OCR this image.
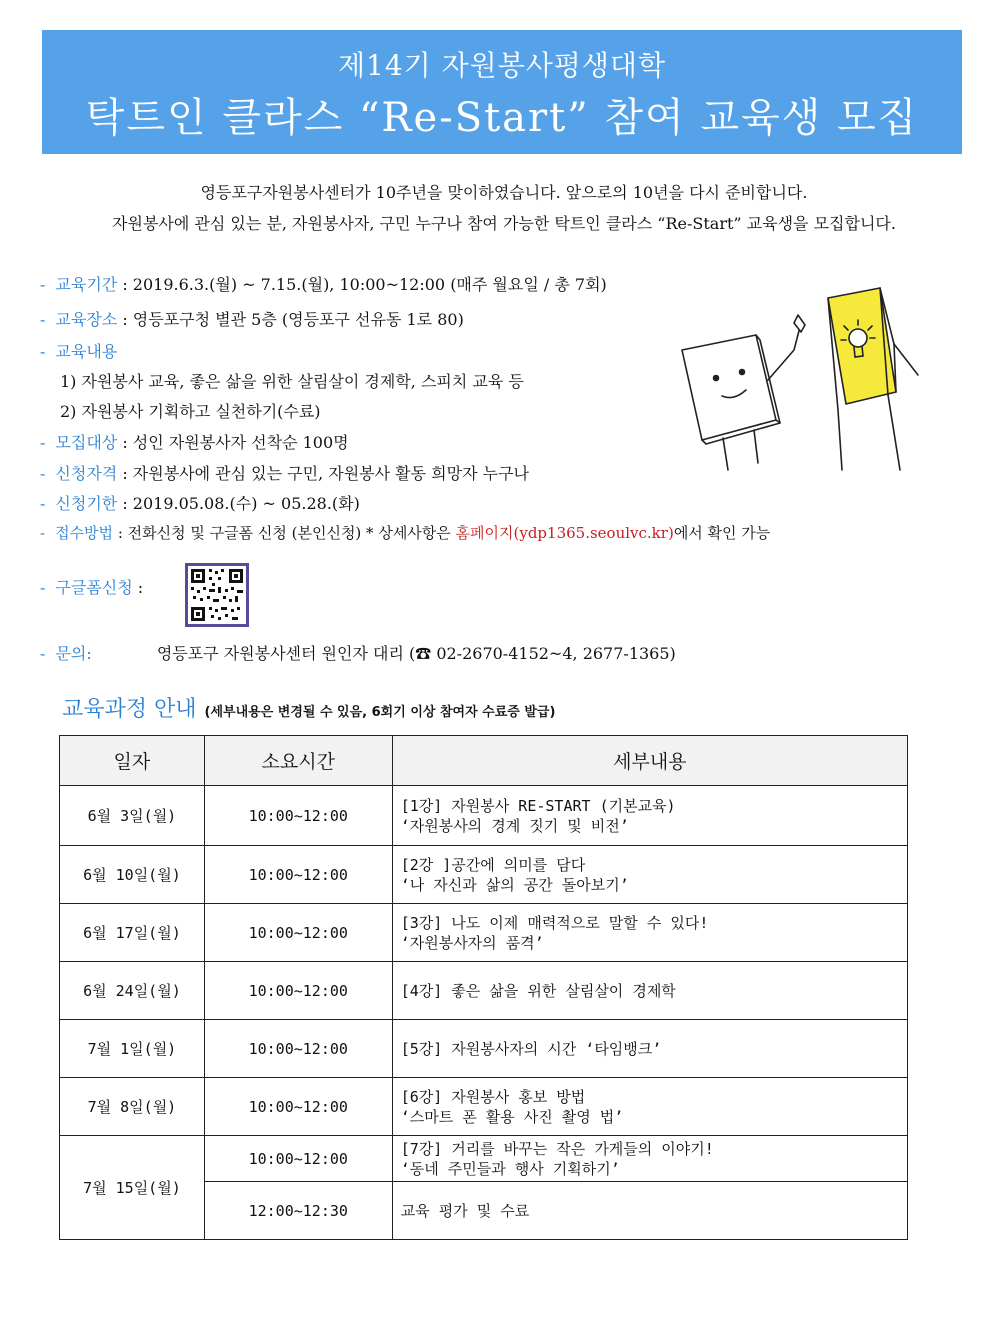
제14기 자원봉사평생대학
탁트인 클라스 “Re-Start” 참여 교육생 모집
영등포구자원봉사센터가 10주년을 맞이하였습니다. 앞으로의 10년을 다시 준비합니다.
자원봉사에 관심 있는 분, 자원봉사자, 구민 누구나 참여 가능한 탁트인 클라스 “Re-Start” 교육생을 모집합니다.
- 교육기간 : 2019.6.3.(월) ~ 7.15.(월), 10:00~12:00 (매주 월요일 / 총 7회)
- 교육장소 : 영등포구청 별관 5층 (영등포구 선유동 1로 80)
- 교육내용
1) 자원봉사 교육, 좋은 삶을 위한 살림살이 경제학, 스피치 교육 등
2) 자원봉사 기획하고 실천하기(수료)
- 모집대상 : 성인 자원봉사자 선착순 100명
- 신청자격 : 자원봉사에 관심 있는 구민, 자원봉사 활동 희망자 누구나
- 신청기한 : 2019.05.08.(수) ~ 05.28.(화)
- 접수방법 : 전화신청 및 구글폼 신청 (본인신청) * 상세사항은 홈페이지(ydp1365.seoulvc.kr)에서 확인 가능
- 구글폼신청 :
- 문의:	영등포구 자원봉사센터 원인자 대리 (☎ 02-2670-4152~4, 2677-1365)
교육과정 안내 (세부내용은 변경될 수 있음, 6회기 이상 참여자 수료증 발급)
일자	소요시간	세부내용
6월 3일(월)	10:00~12:00	[1강] 자원봉사 RE-START (기본교육)
‘자원봉사의 경계 짓기 및 비전’

6월 10일(월)	10:00~12:00	[2강 ]공간에 의미를 담다
‘나 자신과 삶의 공간 돌아보기’

6월 17일(월)	10:00~12:00	[3강] 나도 이제 매력적으로 말할 수 있다!
‘자원봉사자의 품격’

6월 24일(월)	10:00~12:00	[4강] 좋은 삶을 위한 살림살이 경제학

7월 1일(월)	10:00~12:00	[5강] 자원봉사자의 시간 ‘타임뱅크’

7월 8일(월)	10:00~12:00	[6강] 자원봉사 홍보 방법
‘스마트 폰 활용 사진 촬영 법’

7월 15일(월)	10:00~12:00	[7강] 거리를 바꾸는 작은 가게들의 이야기!
‘동네 주민들과 행사 기획하기’

	12:00~12:30	교육 평가 및 수료
